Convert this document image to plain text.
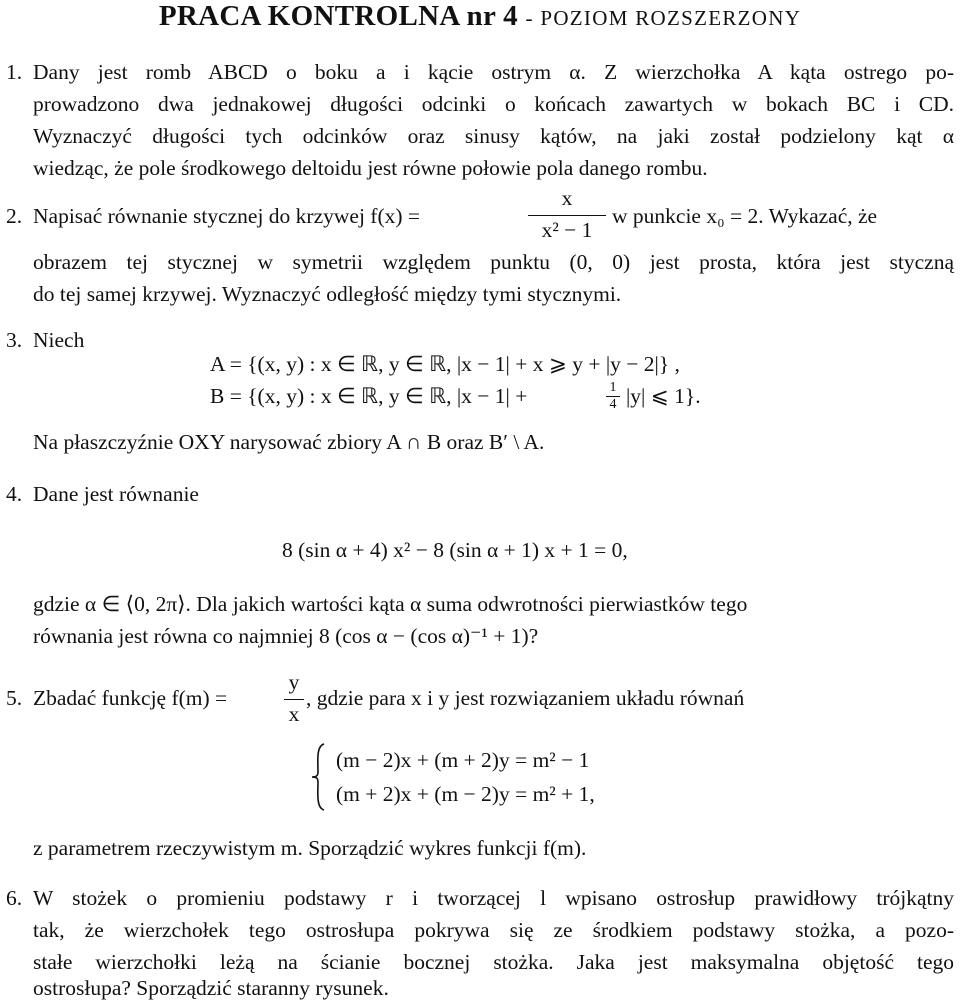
PRACA KONTROLNA nr 4 - POZIOM ROZSZERZONY
1. Dany jest romb ABCD o boku a i kącie ostrym α. Z wierzchołka A kąta ostrego po-
prowadzono dwa jednakowej długości odcinki o końcach zawartych w bokach BC i CD.
Wyznaczyć długości tych odcinków oraz sinusy kątów, na jaki został podzielony kąt α
wiedząc, że pole środkowego deltoidu jest równe połowie pola danego rombu.
2. Napisać równanie stycznej do krzywej f(x) =
x
x² − 1
w punkcie x₀ = 2. Wykazać, że
obrazem tej stycznej w symetrii względem punktu (0, 0) jest prosta, która jest styczną
do tej samej krzywej. Wyznaczyć odległość między tymi stycznymi.
3. Niech
A = {(x, y) : x ∈ ℝ, y ∈ ℝ, |x − 1| + x ⩾ y + |y − 2|} ,
B = {(x, y) : x ∈ ℝ, y ∈ ℝ, |x − 1| +	1
4 |y| ⩽ 1}.
Na płaszczyźnie OXY narysować zbiory A ∩ B oraz B′ \ A.
4. Dane jest równanie
8 (sin α + 4) x² − 8 (sin α + 1) x + 1 = 0,
gdzie α ∈ ⟨0, 2π⟩. Dla jakich wartości kąta α suma odwrotności pierwiastków tego
równania jest równa co najmniej 8 (cos α − (cos α)⁻¹ + 1)?
5. Zbadać funkcję f(m) =
y
x
, gdzie para x i y jest rozwiązaniem układu równań
(m − 2)x + (m + 2)y = m² − 1
(m + 2)x + (m − 2)y = m² + 1,
z parametrem rzeczywistym m. Sporządzić wykres funkcji f(m).
6. W stożek o promieniu podstawy r i tworzącej l wpisano ostrosłup prawidłowy trójkątny
tak, że wierzchołek tego ostrosłupa pokrywa się ze środkiem podstawy stożka, a pozo-
stałe wierzchołki leżą na ścianie bocznej stożka. Jaka jest maksymalna objętość tego
ostrosłupa? Sporządzić staranny rysunek.
